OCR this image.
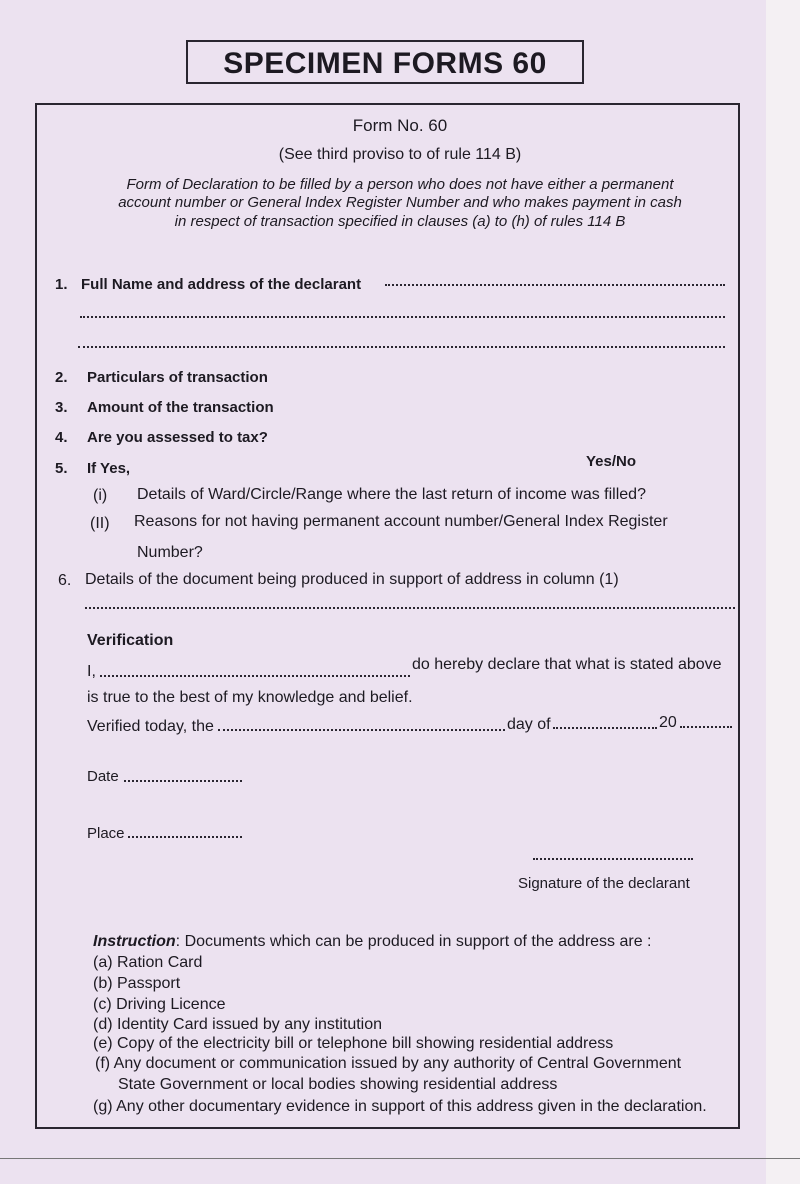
SPECIMEN FORMS 60
Form No. 60
(See third proviso to of rule 114 B)
Form of Declaration to be filled by a person who does not have either a permanent
account number or General Index Register Number and who makes payment in cash
in respect of transaction specified in clauses (a) to (h) of rules 114 B
1. Full Name and address of the declarant
2. Particulars of transaction
3. Amount of the transaction
4. Are you assessed to tax?
5. If Yes,	Yes/No
(i) Details of Ward/Circle/Range where the last return of income was filled?
(II) Reasons for not having permanent account number/General Index Register
Number?
6. Details of the document being produced in support of address in column (1)
Verification
I,	do hereby declare that what is stated above
is true to the best of my knowledge and belief.
Verified today, the	day of	20
Date
Place
Signature of the declarant
Instruction: Documents which can be produced in support of the address are :
(a) Ration Card
(b) Passport
(c) Driving Licence
(d) Identity Card issued by any institution
(e) Copy of the electricity bill or telephone bill showing residential address
(f) Any document or communication issued by any authority of Central Government
State Government or local bodies showing residential address
(g) Any other documentary evidence in support of this address given in the declaration.
